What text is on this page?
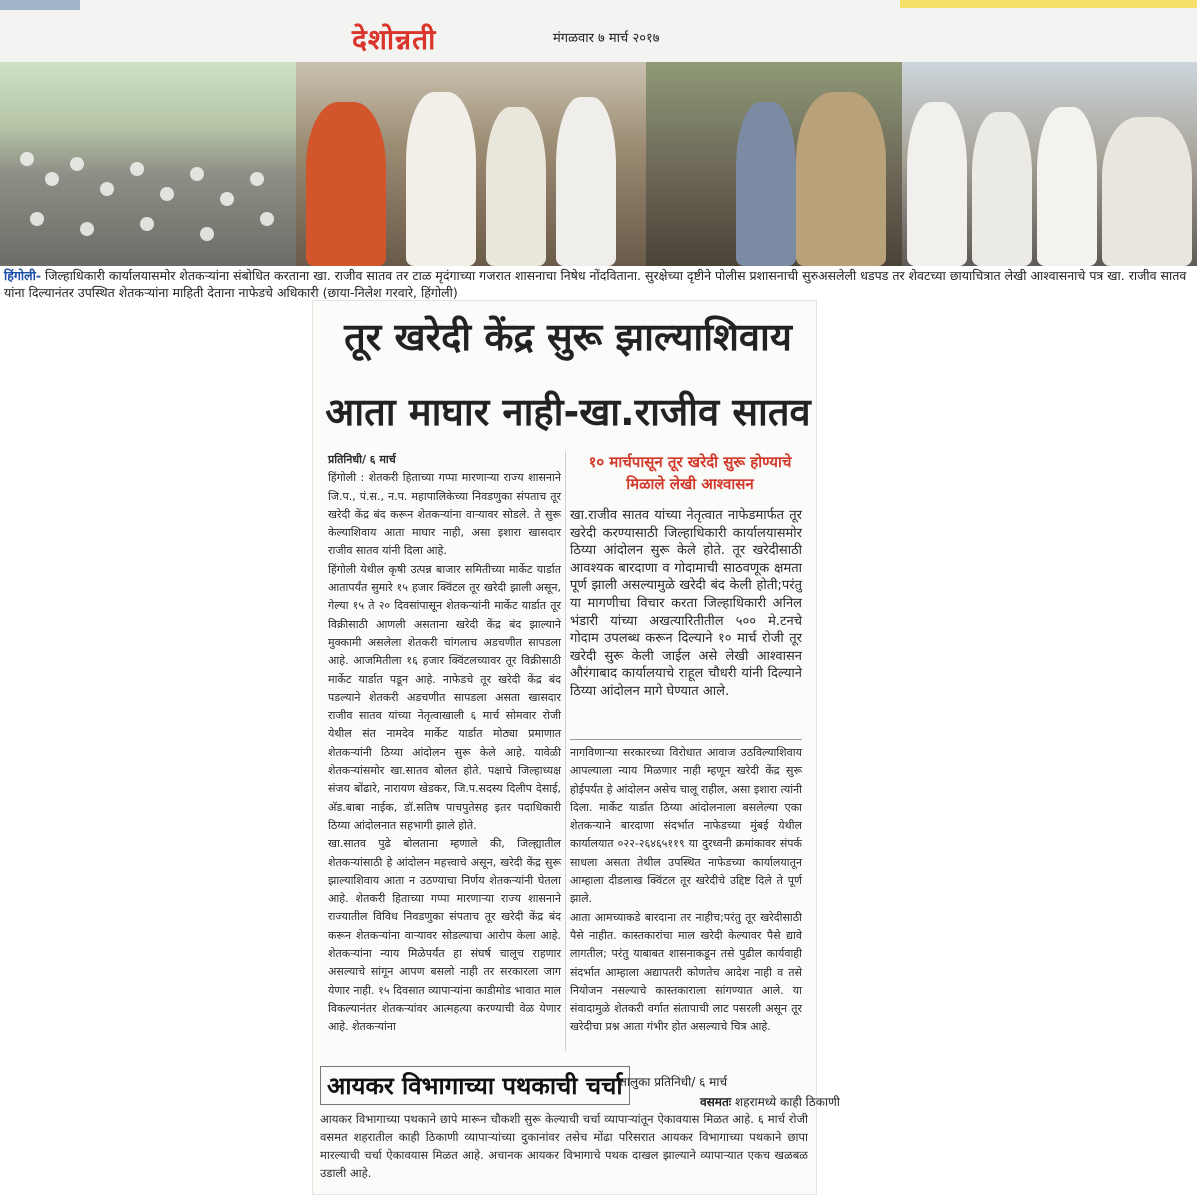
देशोन्नती	मंगळवार ७ मार्च २०१७
हिंगोली- जिल्हाधिकारी कार्यालयासमोर शेतकऱ्यांना संबोधित करताना खा. राजीव सातव तर टाळ मृदंगाच्या गजरात शासनाचा निषेध नोंदविताना. सुरक्षेच्या दृष्टीने पोलीस प्रशासनाची सुरुअसलेली धडपड तर शेवटच्या छायाचित्रात लेखी आश्वासनाचे पत्र खा. राजीव सातव यांना दिल्यानंतर उपस्थित शेतकऱ्यांना माहिती देताना नाफेडचे अधिकारी (छाया-निलेश गरवारे, हिंगोली)
तूर खरेदी केंद्र सुरू झाल्याशिवाय
आता माघार नाही-खा.राजीव सातव
प्रतिनिधी/ ६ मार्च

हिंगोली : शेतकरी हिताच्या गप्पा मारणाऱ्या राज्य शासनाने जि.प., पं.स., न.प. महापालिकेच्या निवडणुका संपताच तूर खरेदी केंद्र बंद करून शेतकऱ्यांना वाऱ्यावर सोडले. ते सुरू केल्याशिवाय आता माघार नाही, असा इशारा खासदार राजीव सातव यांनी दिला आहे.

हिंगोली येथील कृषी उत्पन्न बाजार समितीच्या मार्केट यार्डात आतापर्यंत सुमारे १५ हजार क्विंटल तूर खरेदी झाली असून, गेल्या १५ ते २० दिवसांपासून शेतकऱ्यांनी मार्केट यार्डात तूर विक्रीसाठी आणली असताना खरेदी केंद्र बंद झाल्याने मुक्कामी असलेला शेतकरी चांगलाच अडचणीत सापडला आहे. आजमितीला १६ हजार क्विंटलच्यावर तूर विक्रीसाठी मार्केट यार्डात पडून आहे. नाफेडचे तूर खरेदी केंद्र बंद पडल्याने शेतकरी अडचणीत सापडला असता खासदार राजीव सातव यांच्या नेतृत्वाखाली ६ मार्च सोमवार रोजी येथील संत नामदेव मार्केट यार्डात मोठ्या प्रमाणात शेतकऱ्यांनी ठिय्या आंदोलन सुरू केले आहे. यावेळी शेतकऱ्यांसमोर खा.सातव बोलत होते. पक्षाचे जिल्हाध्यक्ष संजय बोंढारे, नारायण खेडकर, जि.प.सदस्य दिलीप देसाई, अ‍ॅड.बाबा नाईक, डॉ.सतिष पाचपुतेसह इतर पदाधिकारी ठिय्या आंदोलनात सहभागी झाले होते.

खा.सातव पुढे बोलताना म्हणाले की, जिल्ह्यातील शेतकऱ्यांसाठी हे आंदोलन महत्त्वाचे असून, खरेदी केंद्र सुरू झाल्याशिवाय आता न उठण्याचा निर्णय शेतकऱ्यांनी घेतला आहे. शेतकरी हिताच्या गप्पा मारणाऱ्या राज्य शासनाने राज्यातील विविध निवडणुका संपताच तूर खरेदी केंद्र बंद करून शेतकऱ्यांना वाऱ्यावर सोडल्याचा आरोप केला आहे. शेतकऱ्यांना न्याय मिळेपर्यंत हा संघर्ष चालूच राहणार असल्याचे सांगून आपण बसलो नाही तर सरकारला जाग येणार नाही. १५ दिवसात व्यापाऱ्यांना काडीमोड भावात माल विकल्यानंतर शेतकऱ्यांवर आत्महत्या करण्याची वेळ येणार आहे. शेतकऱ्यांना

१० मार्चपासून तूर खरेदी सुरू होण्याचे मिळाले लेखी आश्वासन
खा.राजीव सातव यांच्या नेतृत्वात नाफेडमार्फत तूर खरेदी करण्यासाठी जिल्हाधिकारी कार्यालयासमोर ठिय्या आंदोलन सुरू केले होते. तूर खरेदीसाठी आवश्यक बारदाणा व गोदामाची साठवणूक क्षमता पूर्ण झाली असल्यामुळे खरेदी बंद केली होती;परंतु या मागणीचा विचार करता जिल्हाधिकारी अनिल भंडारी यांच्या अखत्यारितीतील ५०० मे.टनचे गोदाम उपलब्ध करून दिल्याने १० मार्च रोजी तूर खरेदी सुरू केली जाईल असे लेखी आश्वासन औरंगाबाद कार्यालयाचे राहूल चौधरी यांनी दिल्याने ठिय्या आंदोलन मागे घेण्यात आले.

नागविणाऱ्या सरकारच्या विरोधात आवाज उठविल्याशिवाय आपल्याला न्याय मिळणार नाही म्हणून खरेदी केंद्र सुरू होईपर्यंत हे आंदोलन असेच चालू राहील, असा इशारा त्यांनी दिला. मार्केट यार्डात ठिय्या आंदोलनाला बसलेल्या एका शेतकऱ्याने बारदाणा संदर्भात नाफेडच्या मुंबई येथील कार्यालयात ०२२-२६४६५११९ या दुरध्वनी क्रमांकावर संपर्क साधला असता तेथील उपस्थित नाफेडच्या कार्यालयातून आम्हाला दीडलाख क्विंटल तूर खरेदीचे उद्दिष्ट दिले ते पूर्ण झाले.

आता आमच्याकडे बारदाना तर नाहीच;परंतु तूर खरेदीसाठी पैसे नाहीत. कास्तकारांचा माल खरेदी केल्यावर पैसे द्यावे लागतील; परंतु याबाबत शासनाकडून तसे पुढील कार्यवाही संदर्भात आम्हाला अद्यापतरी कोणतेच आदेश नाही व तसे नियोजन नसल्याचे कास्तकाराला सांगण्यात आले. या संवादामुळे शेतकरी वर्गात संतापाची लाट पसरली असून तूर खरेदीचा प्रश्न आता गंभीर होत असल्याचे चित्र आहे.

आयकर विभागाच्या पथकाची चर्चा
तालुका प्रतिनिधी/ ६ मार्च
वसमतः शहरामध्ये काही ठिकाणी
आयकर विभागाच्या पथकाने छापे मारून चौकशी सुरू केल्याची चर्चा व्यापाऱ्यांतून ऐकावयास मिळत आहे. ६ मार्च रोजी वसमत शहरातील काही ठिकाणी व्यापाऱ्यांच्या दुकानांवर तसेच मोंढा परिसरात आयकर विभागाच्या पथकाने छापा मारल्याची चर्चा ऐकावयास मिळत आहे. अचानक आयकर विभागाचे पथक दाखल झाल्याने व्यापाऱ्यात एकच खळबळ उडाली आहे.
